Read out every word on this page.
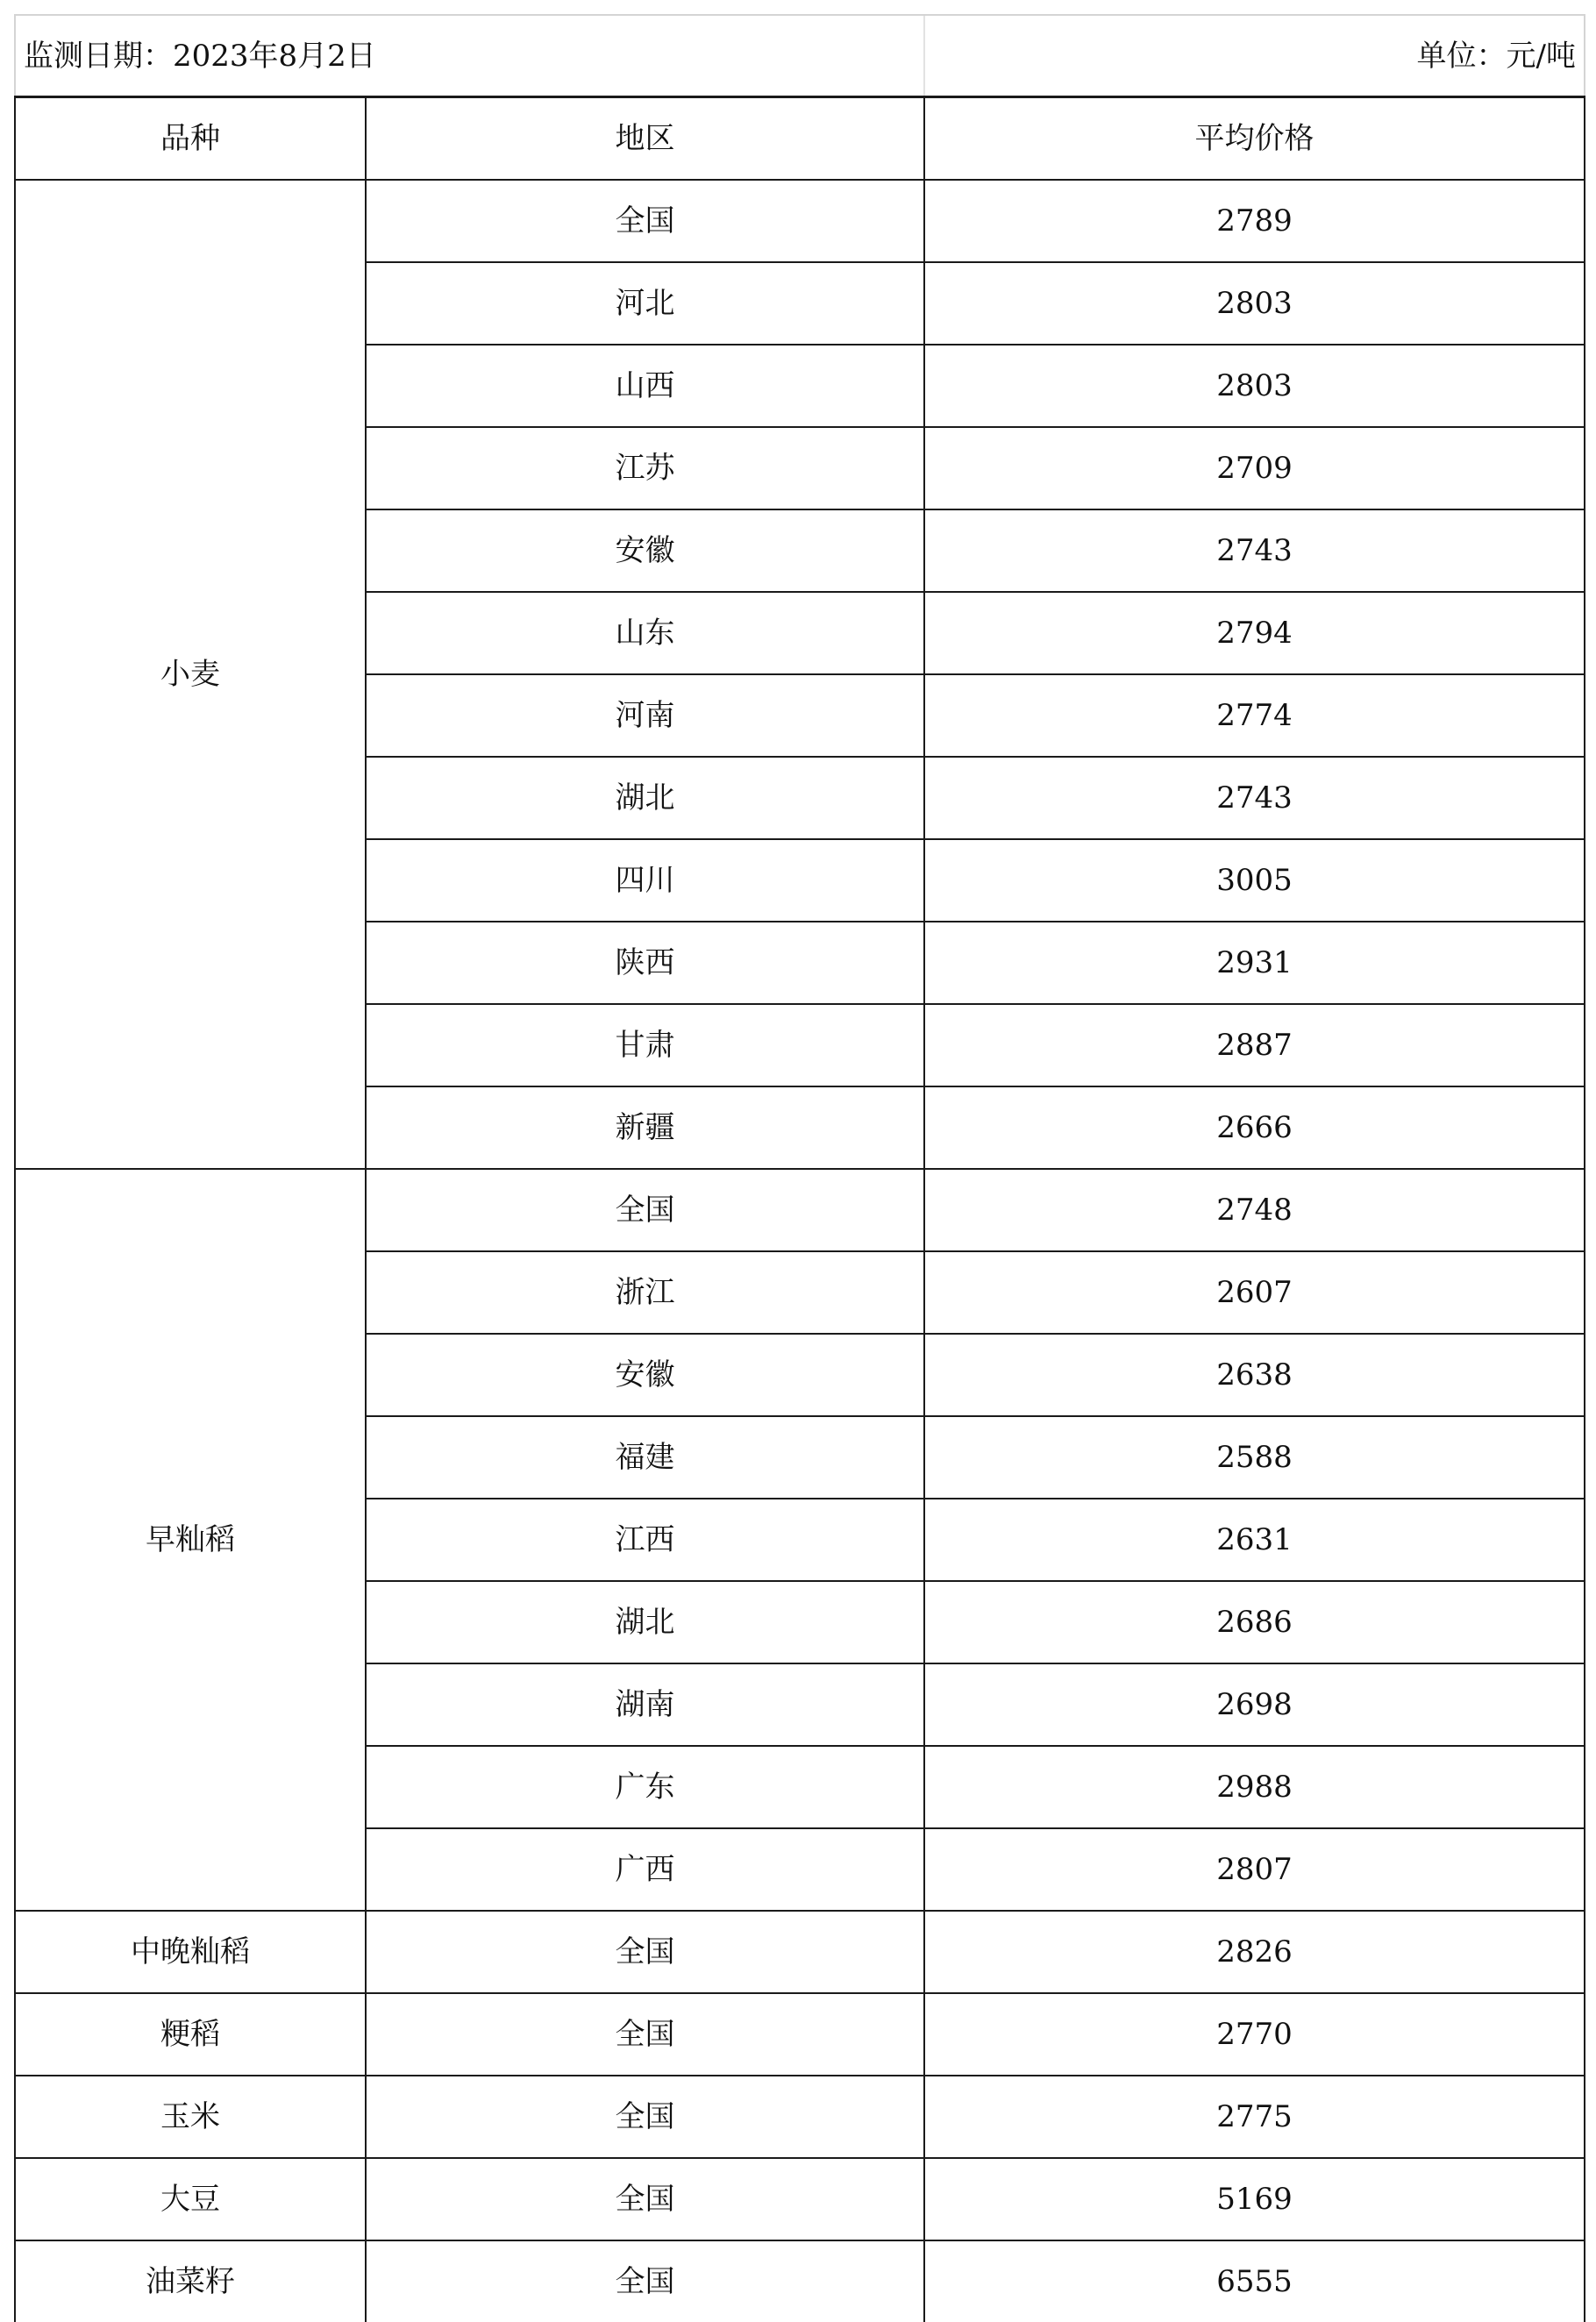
监测日期：2023年8月2日		单位：元/吨
品种	地区	平均价格
小麦	全国	2789
	河北	2803
	山西	2803
	江苏	2709
	安徽	2743
	山东	2794
	河南	2774
	湖北	2743
	四川	3005
	陕西	2931
	甘肃	2887
	新疆	2666
早籼稻	全国	2748
	浙江	2607
	安徽	2638
	福建	2588
	江西	2631
	湖北	2686
	湖南	2698
	广东	2988
	广西	2807
中晚籼稻	全国	2826
粳稻	全国	2770
玉米	全国	2775
大豆	全国	5169
油菜籽	全国	6555
